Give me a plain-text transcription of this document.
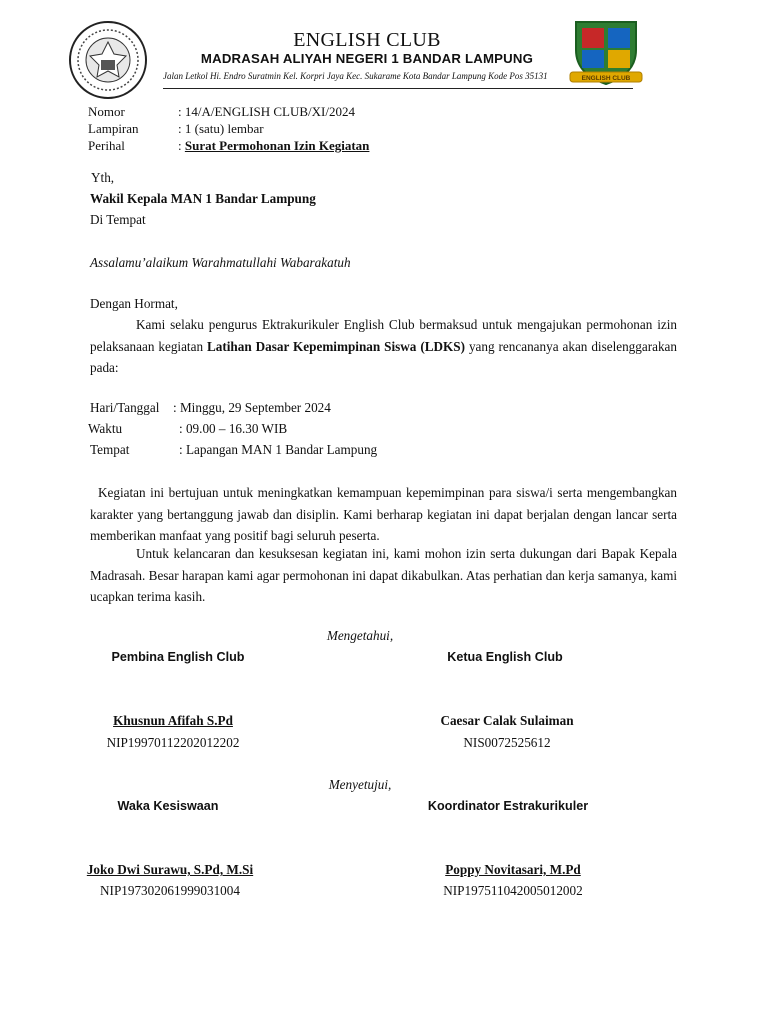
ENGLISH CLUB
MADRASAH ALIYAH NEGERI 1 BANDAR LAMPUNG
Jalan Letkol Hi. Endro Suratmin Kel. Korpri Jaya Kec. Sukarame Kota Bandar Lampung Kode Pos 35131	ENGLISH CLUB
Nomor	: 14/A/ENGLISH CLUB/XI/2024
Lampiran	: 1 (satu) lembar
Perihal	: Surat Permohonan Izin Kegiatan
Yth,
Wakil Kepala MAN 1 Bandar Lampung
Di Tempat
Assalamu’alaikum Warahmatullahi Wabarakatuh
Dengan Hormat,
Kami selaku pengurus Ektrakurikuler English Club bermaksud untuk mengajukan permohonan izin pelaksanaan kegiatan Latihan Dasar Kepemimpinan Siswa (LDKS) yang rencananya akan diselenggarakan pada:
Hari/Tanggal : Minggu, 29 September 2024
Waktu	: 09.00 – 16.30 WIB
Tempat	: Lapangan MAN 1 Bandar Lampung
Kegiatan ini bertujuan untuk meningkatkan kemampuan kepemimpinan para siswa/i serta mengembangkan karakter yang bertanggung jawab dan disiplin. Kami berharap kegiatan ini dapat berjalan dengan lancar serta memberikan manfaat yang positif bagi seluruh peserta.
Untuk kelancaran dan kesuksesan kegiatan ini, kami mohon izin serta dukungan dari Bapak Kepala Madrasah. Besar harapan kami agar permohonan ini dapat dikabulkan. Atas perhatian dan kerja samanya, kami ucapkan terima kasih.
Mengetahui,
Pembina English Club	Ketua English Club
Khusnun Afifah S.Pd	Caesar Calak Sulaiman
NIP19970112202012202	NIS0072525612
Menyetujui,
Waka Kesiswaan	Koordinator Estrakurikuler
Joko Dwi Surawu, S.Pd, M.Si	Poppy Novitasari, M.Pd
NIP197302061999031004	NIP197511042005012002
